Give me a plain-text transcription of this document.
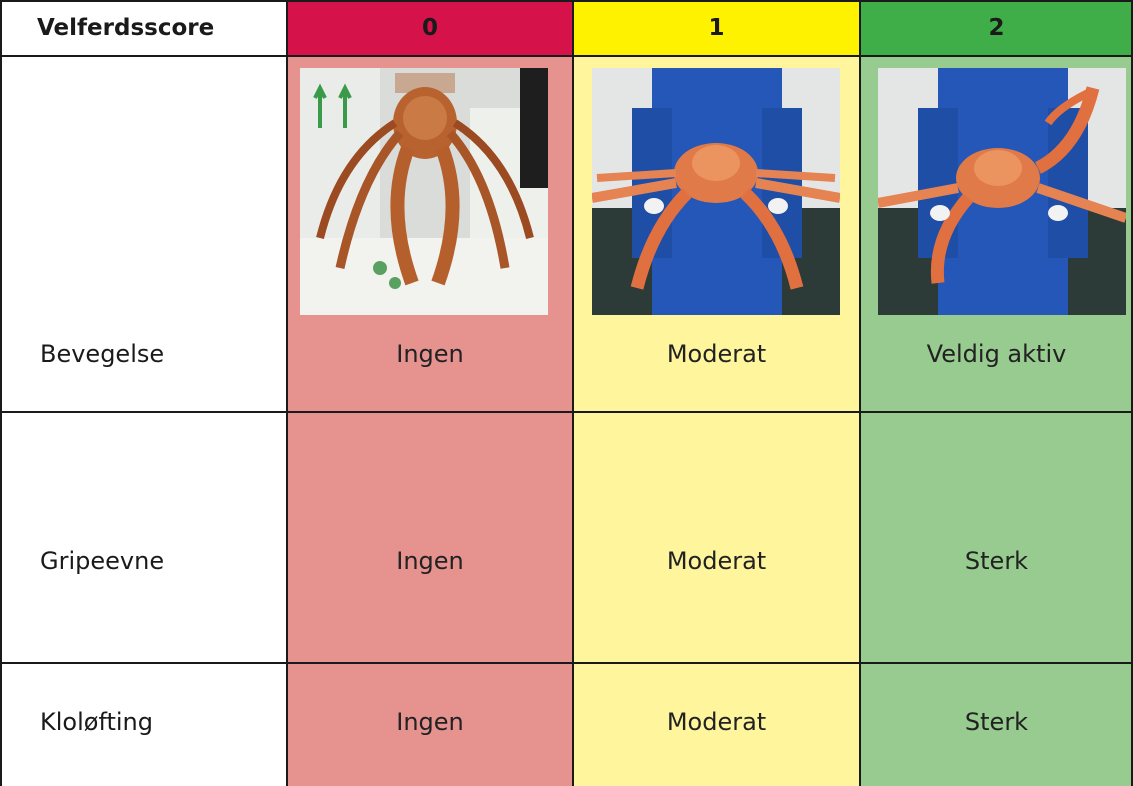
Velferdsscore	0	1	2
Bevegelse	Ingen	Moderat	Veldig aktiv
Gripeevne	Ingen	Moderat	Sterk
Kloløfting	Ingen	Moderat	Sterk
